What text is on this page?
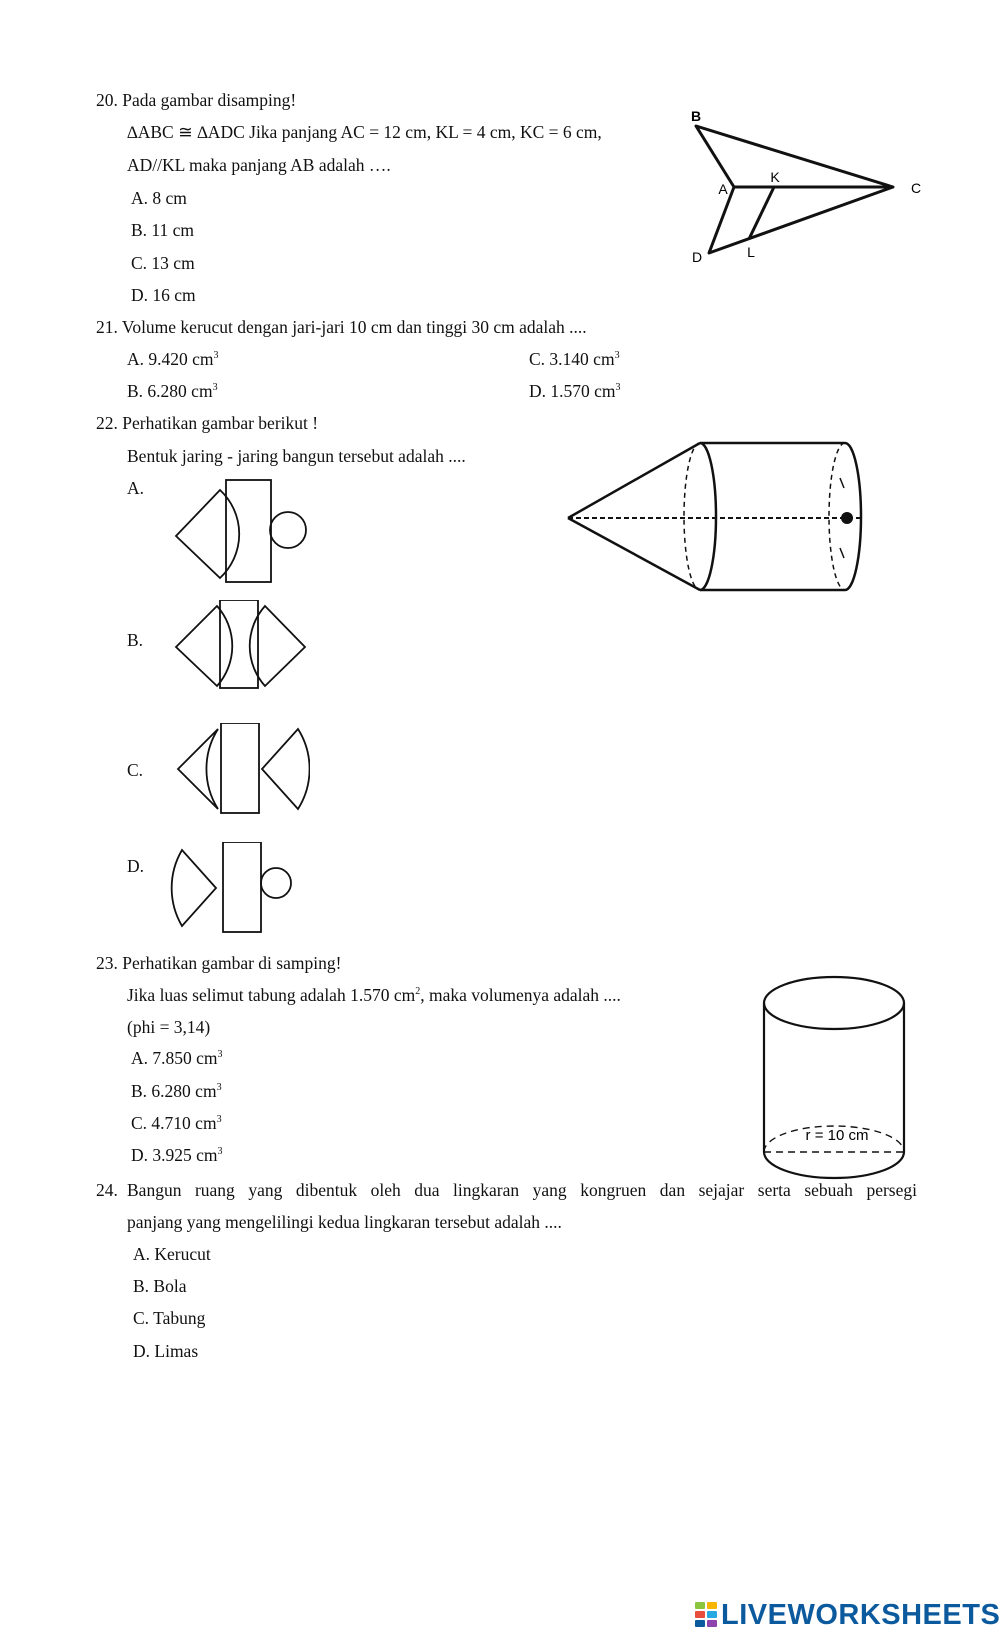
20. Pada gambar disamping!
∆ABC ≅ ∆ADC Jika panjang AC = 12 cm, KL = 4 cm, KC = 6 cm,
AD//KL maka panjang AB adalah ….
A. 8 cm
B. 11 cm
C. 13 cm
D. 16 cm
B
A
K
C
D	L
21. Volume kerucut dengan jari-jari 10 cm dan tinggi 30 cm adalah ....
A. 9.420 $cm^3$	C. 3.140 $cm^3$
B. 6.280 $cm^3$	D. 1.570 $cm^3$
22. Perhatikan gambar berikut !
Bentuk jaring - jaring bangun tersebut adalah ....
A.
B.
C.
D.
23. Perhatikan gambar di samping!
Jika luas selimut tabung adalah 1.570 $cm^2$, maka volumenya adalah ....
(phi = 3,14)
A. 7.850 $cm^3$
B. 6.280 $cm^3$
C. 4.710 $cm^3$
D. 3.925 $cm^3$
r = 10 cm
24. Bangun ruang yang dibentuk oleh dua lingkaran yang kongruen dan sejajar serta sebuah persegi
panjang yang mengelilingi kedua lingkaran tersebut adalah ....
A. Kerucut
B. Bola
C. Tabung
D. Limas
LIVEWORKSHEETS
